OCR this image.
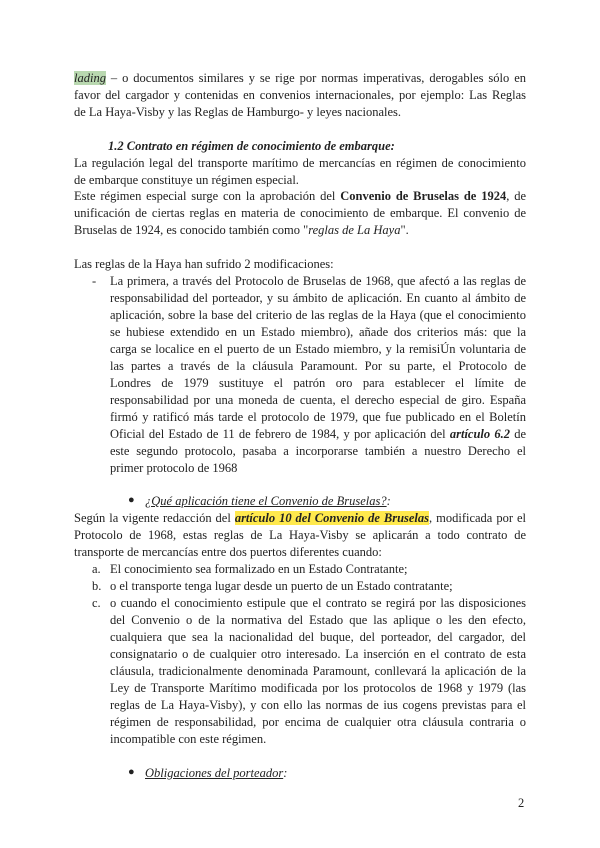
lading – o documentos similares y se rige por normas imperativas, derogables sólo en
favor del cargador y contenidas en convenios internacionales, por ejemplo: Las Reglas
de La Haya-Visby y las Reglas de Hamburgo- y leyes nacionales.
1.2 Contrato en régimen de conocimiento de embarque:
La regulación legal del transporte marítimo de mercancías en régimen de conocimiento
de embarque constituye un régimen especial.
Este régimen especial surge con la aprobación del Convenio de Bruselas de 1924, de
unificación de ciertas reglas en materia de conocimiento de embarque. El convenio de
Bruselas de 1924, es conocido también como "reglas de La Haya".
Las reglas de la Haya han sufrido 2 modificaciones:
- La primera, a través del Protocolo de Bruselas de 1968, que afectó a las reglas de
responsabilidad del porteador, y su ámbito de aplicación. En cuanto al ámbito de
aplicación, sobre la base del criterio de las reglas de la Haya (que el conocimiento
se hubiese extendido en un Estado miembro), añade dos criterios más: que la
carga se localice en el puerto de un Estado miembro, y la remisiÚn voluntaria de
las partes a través de la cláusula Paramount. Por su parte, el Protocolo de
Londres de 1979 sustituye el patrón oro para establecer el límite de
responsabilidad por una moneda de cuenta, el derecho especial de giro. España
firmó y ratificó más tarde el protocolo de 1979, que fue publicado en el Boletín
Oficial del Estado de 11 de febrero de 1984, y por aplicación del artículo 6.2 de
este segundo protocolo, pasaba a incorporarse también a nuestro Derecho el
primer protocolo de 1968
● ¿Qué aplicación tiene el Convenio de Bruselas?:
Según la vigente redacción del artículo 10 del Convenio de Bruselas, modificada por el
Protocolo de 1968, estas reglas de La Haya-Visby se aplicarán a todo contrato de
transporte de mercancías entre dos puertos diferentes cuando:
a. El conocimiento sea formalizado en un Estado Contratante;
b. o el transporte tenga lugar desde un puerto de un Estado contratante;
c. o cuando el conocimiento estipule que el contrato se regirá por las disposiciones
del Convenio o de la normativa del Estado que las aplique o les den efecto,
cualquiera que sea la nacionalidad del buque, del porteador, del cargador, del
consignatario o de cualquier otro interesado. La inserción en el contrato de esta
cláusula, tradicionalmente denominada Paramount, conllevará la aplicación de la
Ley de Transporte Marítimo modificada por los protocolos de 1968 y 1979 (las
reglas de La Haya-Visby), y con ello las normas de ius cogens previstas para el
régimen de responsabilidad, por encima de cualquier otra cláusula contraria o
incompatible con este régimen.
● Obligaciones del porteador:
2
